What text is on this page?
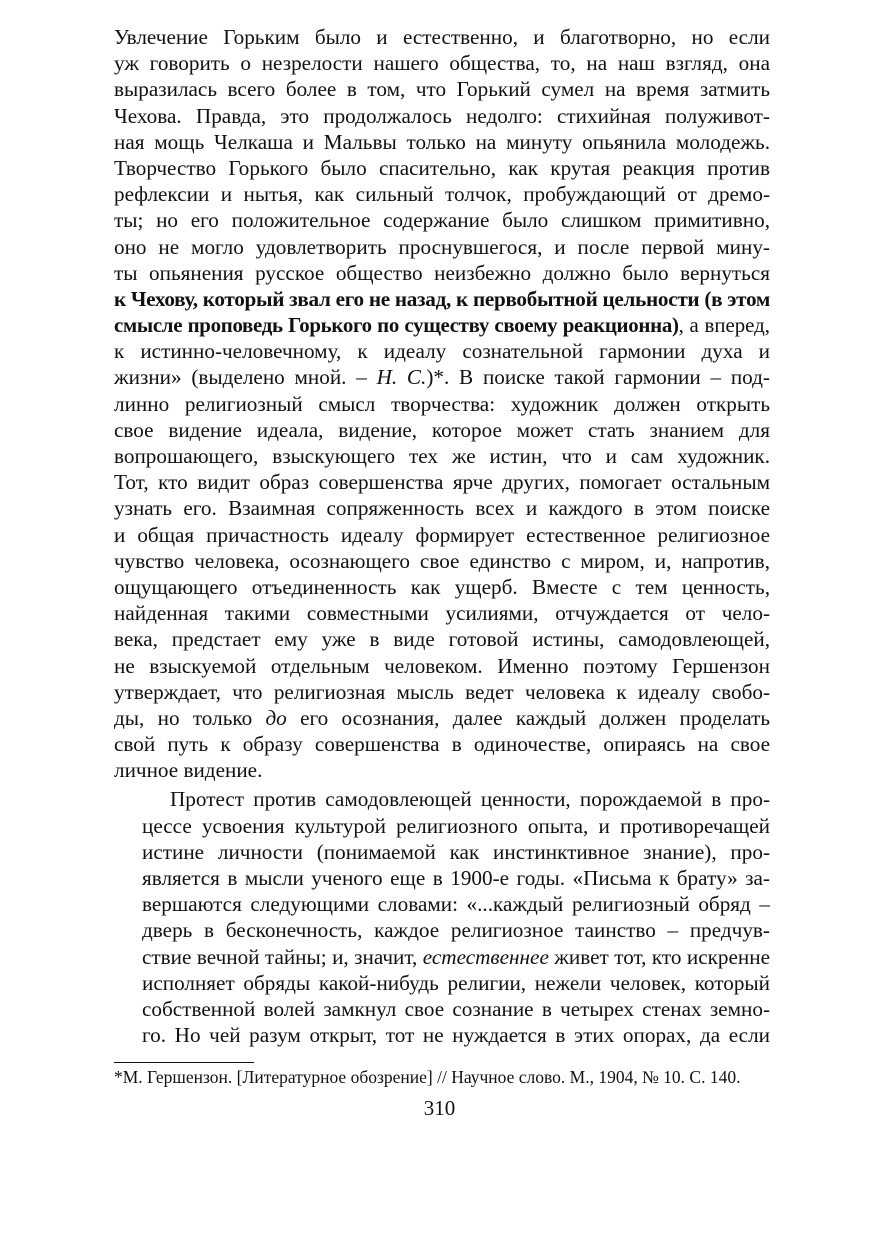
Увлечение Горьким было и естественно, и благотворно, но если
уж говорить о незрелости нашего общества, то, на наш взгляд, она
выразилась всего более в том, что Горький сумел на время затмить
Чехова. Правда, это продолжалось недолго: стихийная полуживот-
ная мощь Челкаша и Мальвы только на минуту опьянила молодежь.
Творчество Горького было спасительно, как крутая реакция против
рефлексии и нытья, как сильный толчок, пробуждающий от дремо-
ты; но его положительное содержание было слишком примитивно,
оно не могло удовлетворить проснувшегося, и после первой мину-
ты опьянения русское общество неизбежно должно было вернуться
к Чехову, который звал его не назад, к первобытной цельности (в этом
смысле проповедь Горького по существу своему реакционна), а вперед,
к истинно-человечному, к идеалу сознательной гармонии духа и
жизни» (выделено мной. – Н. С.)*. В поиске такой гармонии – под-
линно религиозный смысл творчества: художник должен открыть
свое видение идеала, видение, которое может стать знанием для
вопрошающего, взыскующего тех же истин, что и сам художник.
Тот, кто видит образ совершенства ярче других, помогает остальным
узнать его. Взаимная сопряженность всех и каждого в этом поиске
и общая причастность идеалу формирует естественное религиозное
чувство человека, осознающего свое единство с миром, и, напротив,
ощущающего отъединенность как ущерб. Вместе с тем ценность,
найденная такими совместными усилиями, отчуждается от чело-
века, предстает ему уже в виде готовой истины, самодовлеющей,
не взыскуемой отдельным человеком. Именно поэтому Гершензон
утверждает, что религиозная мысль ведет человека к идеалу свобо-
ды, но только до его осознания, далее каждый должен проделать
свой путь к образу совершенства в одиночестве, опираясь на свое
личное видение.

Протест против самодовлеющей ценности, порождаемой в про-
цессе усвоения культурой религиозного опыта, и противоречащей
истине личности (понимаемой как инстинктивное знание), про-
является в мысли ученого еще в 1900-е годы. «Письма к брату» за-
вершаются следующими словами: «...каждый религиозный обряд –
дверь в бесконечность, каждое религиозное таинство – предчув-
ствие вечной тайны; и, значит, естественнее живет тот, кто искренне
исполняет обряды какой-нибудь религии, нежели человек, который
собственной волей замкнул свое сознание в четырех стенах земно-
го. Но чей разум открыт, тот не нуждается в этих опорах, да если

*М. Гершензон. [Литературное обозрение] // Научное слово. М., 1904, № 10. С. 140.
310
